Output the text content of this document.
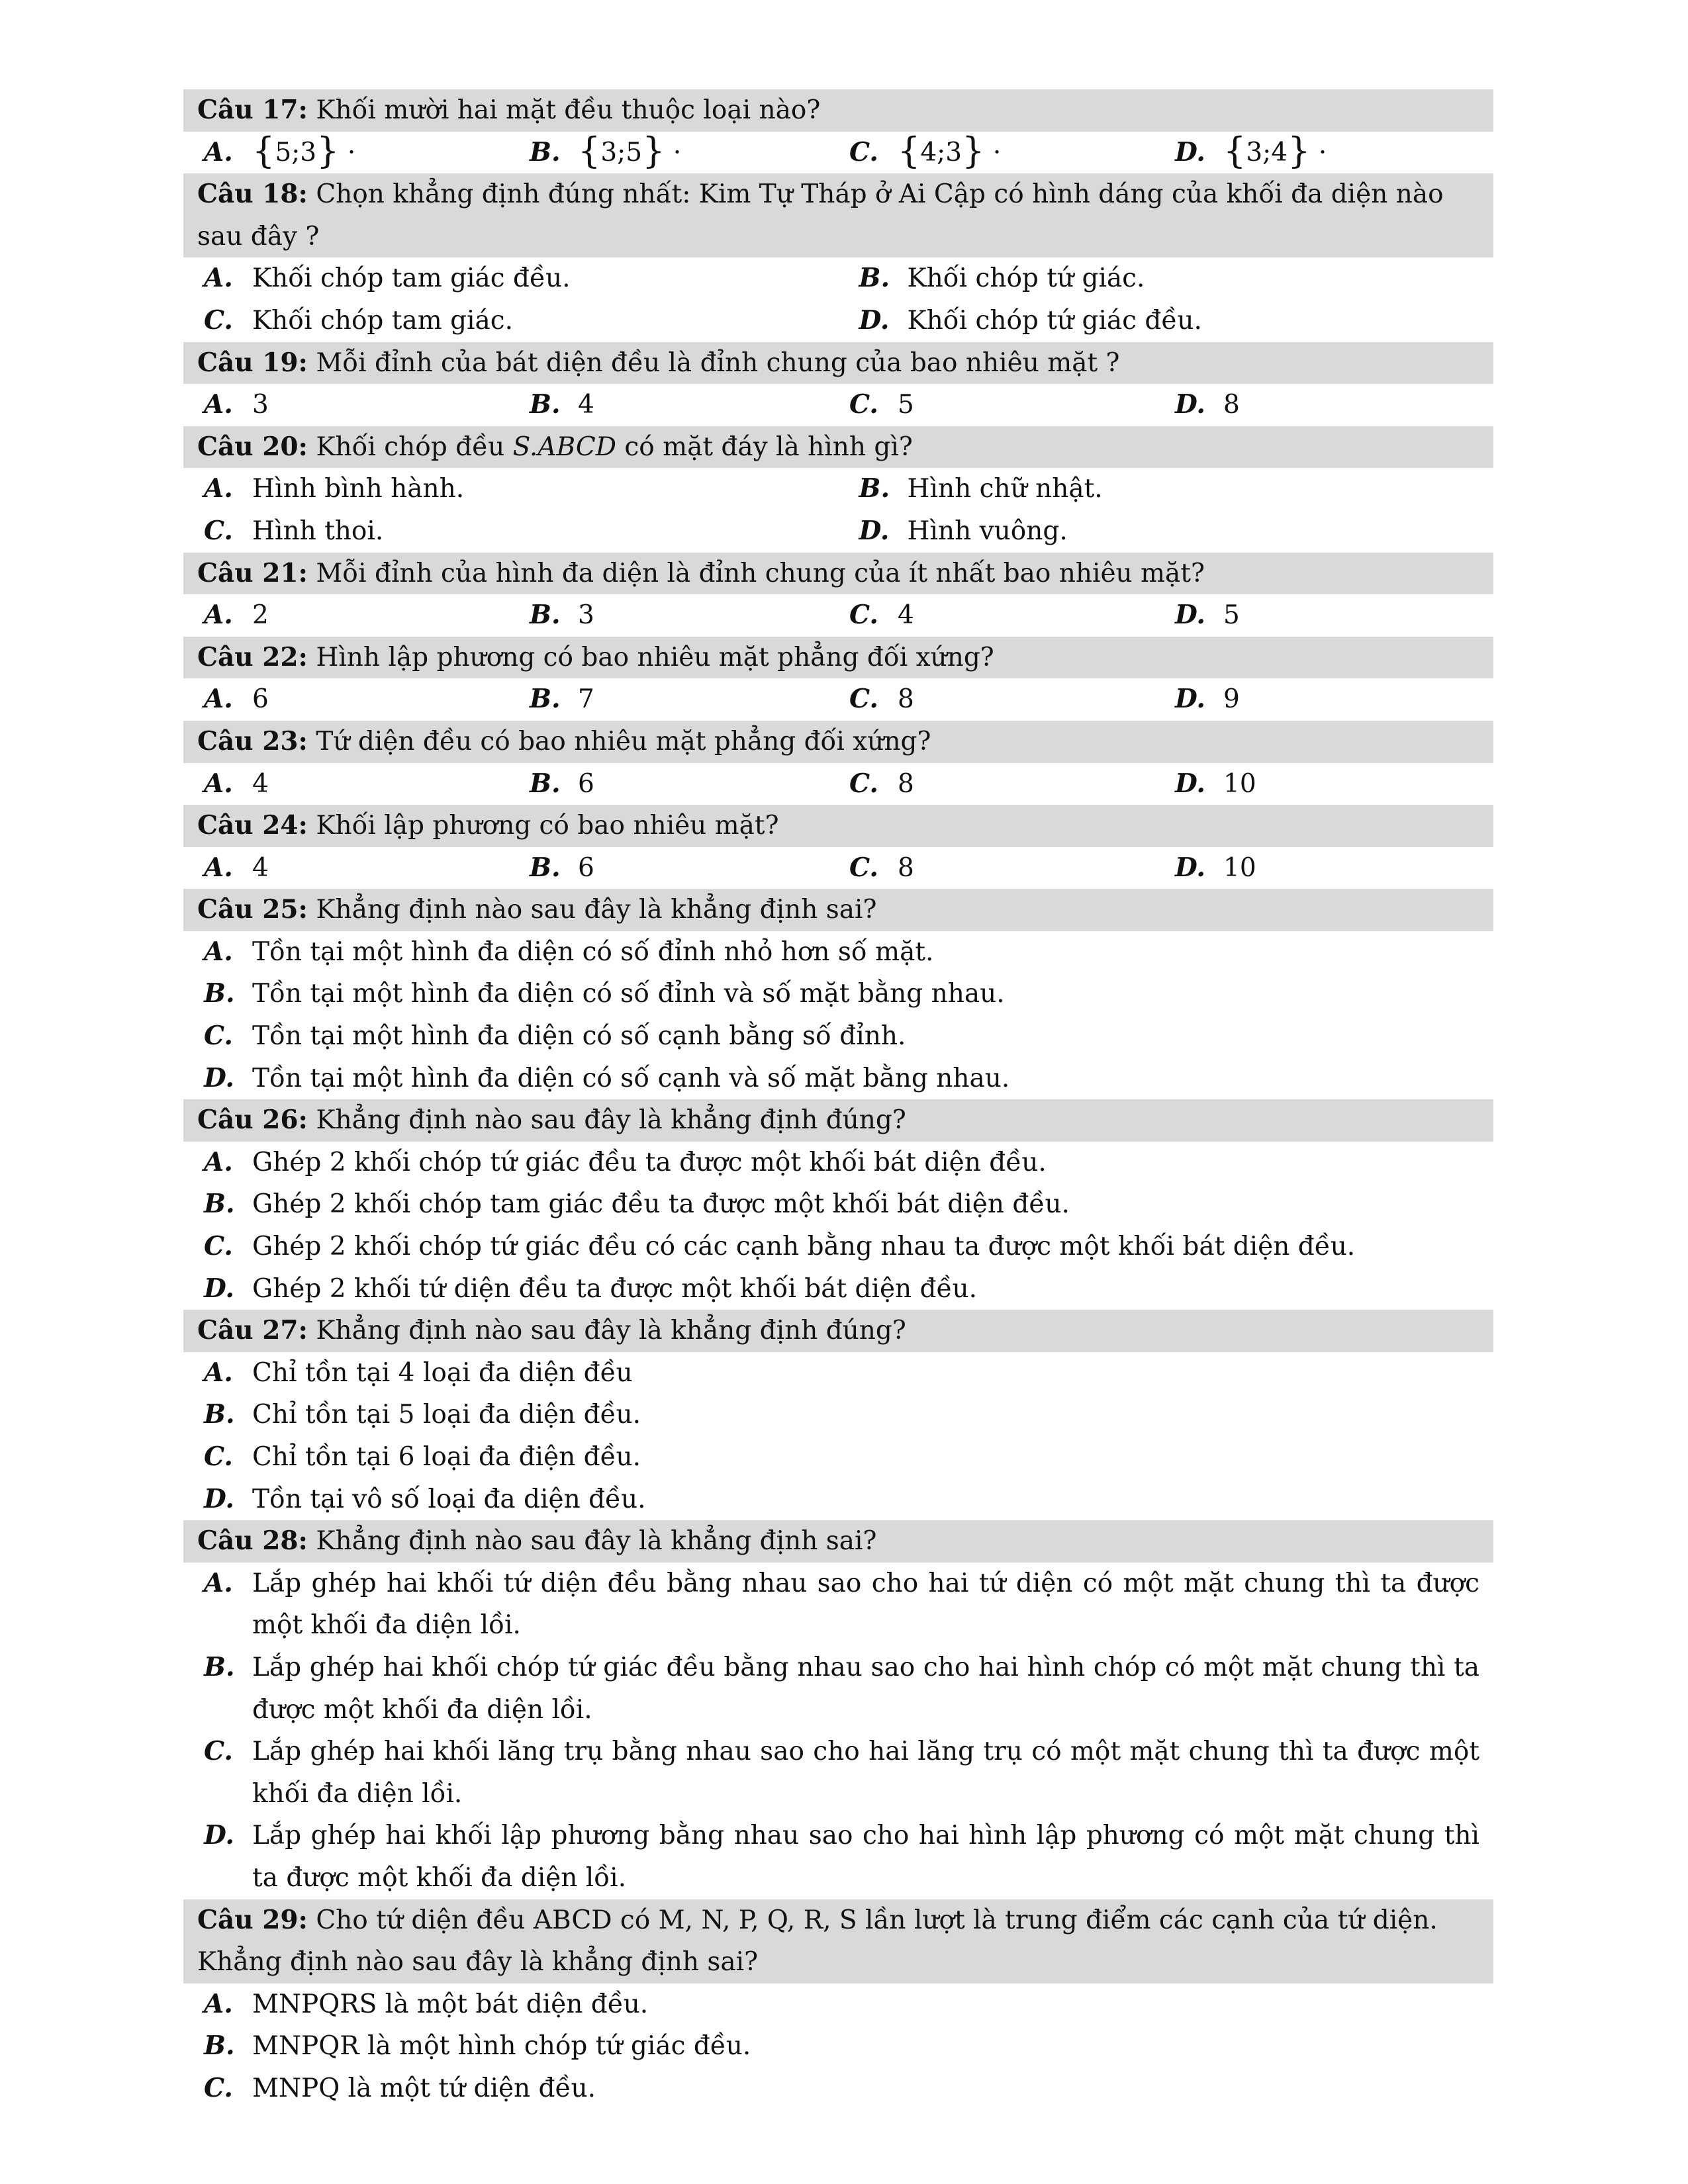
Câu 17: Khối mười hai mặt đều thuộc loại nào?
A. {5;3} ·	B. {3;5} ·	C. {4;3} ·	D. {3;4} ·
Câu 18: Chọn khẳng định đúng nhất: Kim Tự Tháp ở Ai Cập có hình dáng của khối đa diện nào sau đây ?
A. Khối chóp tam giác đều.	B. Khối chóp tứ giác.
C. Khối chóp tam giác.	D. Khối chóp tứ giác đều.
Câu 19: Mỗi đỉnh của bát diện đều là đỉnh chung của bao nhiêu mặt ?
A. 3	B. 4	C. 5	D. 8
Câu 20: Khối chóp đều S.ABCD có mặt đáy là hình gì?
A. Hình bình hành.	B. Hình chữ nhật.
C. Hình thoi.	D. Hình vuông.
Câu 21: Mỗi đỉnh của hình đa diện là đỉnh chung của ít nhất bao nhiêu mặt?
A. 2	B. 3	C. 4	D. 5
Câu 22: Hình lập phương có bao nhiêu mặt phẳng đối xứng?
A. 6	B. 7	C. 8	D. 9
Câu 23: Tứ diện đều có bao nhiêu mặt phẳng đối xứng?
A. 4	B. 6	C. 8	D. 10
Câu 24: Khối lập phương có bao nhiêu mặt?
A. 4	B. 6	C. 8	D. 10
Câu 25: Khẳng định nào sau đây là khẳng định sai?
A. Tồn tại một hình đa diện có số đỉnh nhỏ hơn số mặt.
B. Tồn tại một hình đa diện có số đỉnh và số mặt bằng nhau.
C. Tồn tại một hình đa diện có số cạnh bằng số đỉnh.
D. Tồn tại một hình đa diện có số cạnh và số mặt bằng nhau.
Câu 26: Khẳng định nào sau đây là khẳng định đúng?
A. Ghép 2 khối chóp tứ giác đều ta được một khối bát diện đều.
B. Ghép 2 khối chóp tam giác đều ta được một khối bát diện đều.
C. Ghép 2 khối chóp tứ giác đều có các cạnh bằng nhau ta được một khối bát diện đều.
D. Ghép 2 khối tứ diện đều ta được một khối bát diện đều.
Câu 27: Khẳng định nào sau đây là khẳng định đúng?
A. Chỉ tồn tại 4 loại đa diện đều
B. Chỉ tồn tại 5 loại đa diện đều.
C. Chỉ tồn tại 6 loại đa điện đều.
D. Tồn tại vô số loại đa diện đều.
Câu 28: Khẳng định nào sau đây là khẳng định sai?
A. Lắp ghép hai khối tứ diện đều bằng nhau sao cho hai tứ diện có một mặt chung thì ta được một khối đa diện lồi.
B. Lắp ghép hai khối chóp tứ giác đều bằng nhau sao cho hai hình chóp có một mặt chung thì ta được một khối đa diện lồi.
C. Lắp ghép hai khối lăng trụ bằng nhau sao cho hai lăng trụ có một mặt chung thì ta được một khối đa diện lồi.
D. Lắp ghép hai khối lập phương bằng nhau sao cho hai hình lập phương có một mặt chung thì ta được một khối đa diện lồi.
Câu 29: Cho tứ diện đều ABCD có M, N, P, Q, R, S lần lượt là trung điểm các cạnh của tứ diện. Khẳng định nào sau đây là khẳng định sai?
A. MNPQRS là một bát diện đều.
B. MNPQR là một hình chóp tứ giác đều.
C. MNPQ là một tứ diện đều.
